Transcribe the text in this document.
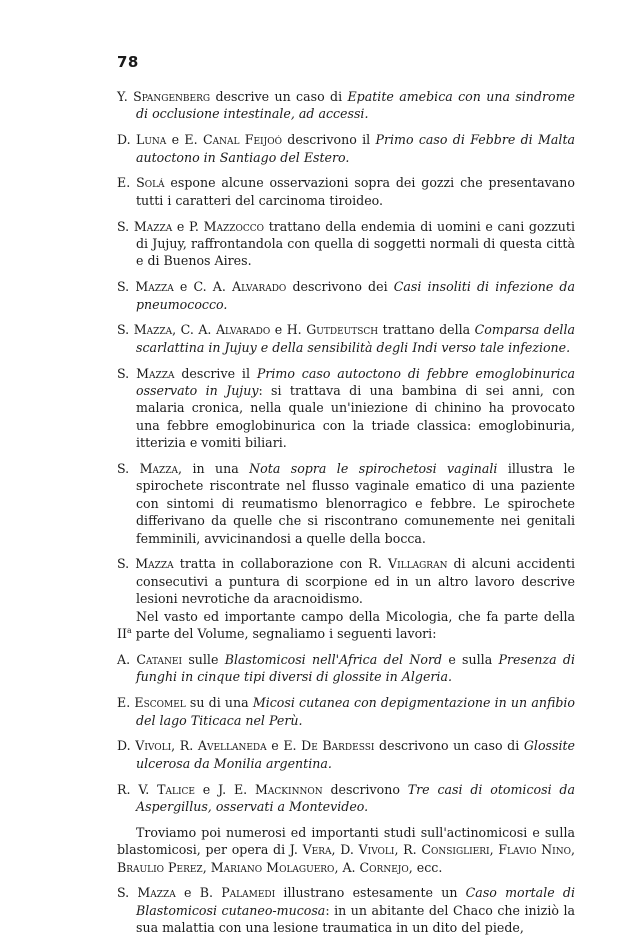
78

Y. Spangenberg descrive un caso di Epatite amebica con una sindrome di occlusione intestinale, ad accessi.

D. Luna e E. Canal Feijoó descrivono il Primo caso di Febbre di Malta autoctono in Santiago del Estero.

E. Solá espone alcune osservazioni sopra dei gozzi che presentavano tutti i caratteri del carcinoma tiroideo.

S. Mazza e P. Mazzocco trattano della endemia di uomini e cani gozzuti di Jujuy, raffrontandola con quella di soggetti normali di questa città e di Buenos Aires.

S. Mazza e C. A. Alvarado descrivono dei Casi insoliti di infezione da pneumococco.

S. Mazza, C. A. Alvarado e H. Gutdeutsch trattano della Comparsa della scarlattina in Jujuy e della sensibilità degli Indi verso tale infezione.

S. Mazza descrive il Primo caso autoctono di febbre emoglobinurica osservato in Jujuy: si trattava di una bambina di sei anni, con malaria cronica, nella quale un'iniezione di chinino ha provocato una febbre emoglobinurica con la triade classica: emoglobinuria, itterizia e vomiti biliari.

S. Mazza, in una Nota sopra le spirochetosi vaginali illustra le spirochete riscontrate nel flusso vaginale ematico di una paziente con sintomi di reumatismo blenorragico e febbre. Le spirochete differivano da quelle che si riscontrano comunemente nei genitali femminili, avvicinandosi a quelle della bocca.

S. Mazza tratta in collaborazione con R. Villagran di alcuni accidenti consecutivi a puntura di scorpione ed in un altro lavoro descrive lesioni nevrotiche da aracnoidismo.

Nel vasto ed importante campo della Micologia, che fa parte della $II^a$ parte del Volume, segnaliamo i seguenti lavori:

A. Catanei sulle Blastomicosi nell'Africa del Nord e sulla Presenza di funghi in cinque tipi diversi di glossite in Algeria.

E. Escomel su di una Micosi cutanea con depigmentazione in un anfibio del lago Titicaca nel Perù.

D. Vivoli, R. Avellaneda e E. De Bardessi descrivono un caso di Glossite ulcerosa da Monilia argentina.

R. V. Talice e J. E. Mackinnon descrivono Tre casi di otomicosi da Aspergillus, osservati a Montevideo.

Troviamo poi numerosi ed importanti studi sull'actinomicosi e sulla blastomicosi, per opera di J. Vera, D. Vivoli, R. Consiglieri, Flavio Nino, Braulio Perez, Mariano Molaguero, A. Cornejo, ecc.

S. Mazza e B. Palamedi illustrano estesamente un Caso mortale di Blastomicosi cutaneo-mucosa: in un abitante del Chaco che iniziò la sua malattia con una lesione traumatica in un dito del piede,
